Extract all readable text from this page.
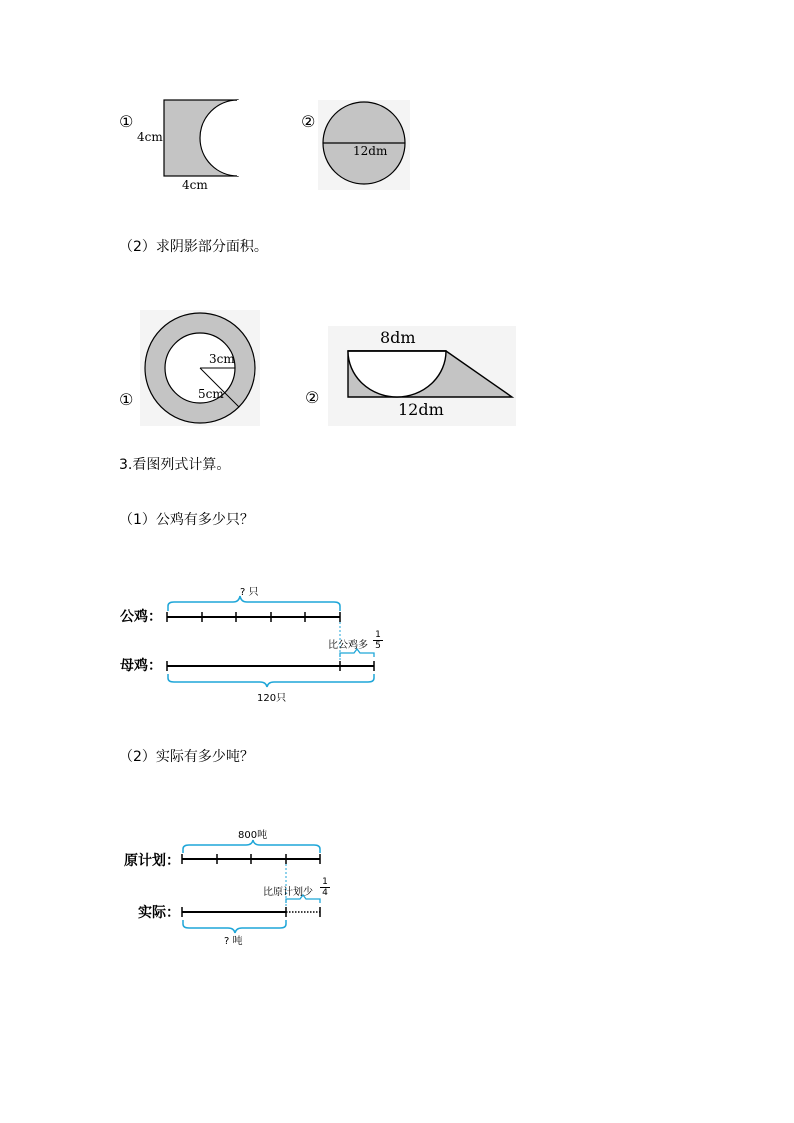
①
4cm
4cm
②
12dm
（2）求阴影部分面积。
①
3cm
5cm	②
8dm
12dm
3.看图列式计算。
（1）公鸡有多少只？
公鸡：
母鸡：
? 只
比公鸡多 $\frac{1}{5}$
120只
（2）实际有多少吨？
原计划：
实际：
800吨
比原计划少 $\frac{1}{4}$
? 吨
